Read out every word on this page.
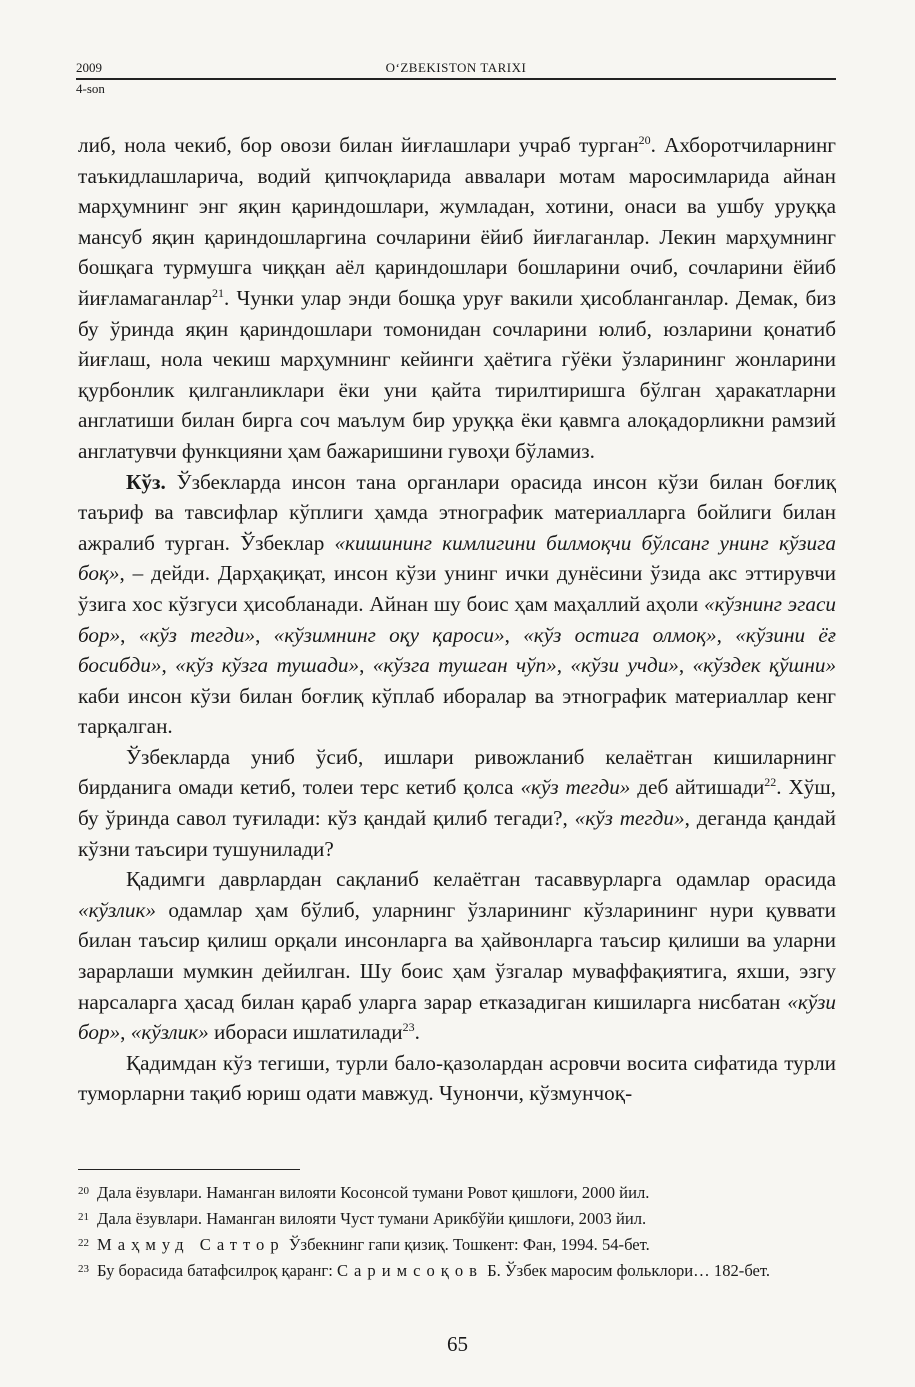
2009	O‘ZBEKISTON TARIXI
4-son

либ, нола чекиб, бор овози билан йиғлашлари учраб турган$^{20}$. Ахборотчиларнинг таъкидлашларича, водий қипчоқларида аввалари мотам маросимларида айнан марҳумнинг энг яқин қариндошлари, жумладан, хотини, онаси ва ушбу уруққа мансуб яқин қариндошларгина сочларини ёйиб йиғлаганлар. Лекин марҳумнинг бошқага турмушга чиққан аёл қариндошлари бошларини очиб, сочларини ёйиб йиғламаганлар$^{21}$. Чунки улар энди бошқа уруғ вакили ҳисобланганлар. Демак, биз бу ўринда яқин қариндошлари томонидан сочларини юлиб, юзларини қонатиб йиғлаш, нола чекиш марҳумнинг кейинги ҳаётига гўёки ўзларининг жонларини қурбонлик қилганликлари ёки уни қайта тирилтиришга бўлган ҳаракатларни англатиши билан бирга соч маълум бир уруққа ёки қавмга алоқадорликни рамзий англатувчи функцияни ҳам бажаришини гувоҳи бўламиз.

Кўз. Ўзбекларда инсон тана органлари орасида инсон кўзи билан боғлиқ таъриф ва тавсифлар кўплиги ҳамда этнографик материалларга бойлиги билан ажралиб турган. Ўзбеклар «кишининг кимлигини билмоқчи бўлсанг унинг кўзига боқ», – дейди. Дарҳақиқат, инсон кўзи унинг ички дунёсини ўзида акс эттирувчи ўзига хос кўзгуси ҳисобланади. Айнан шу боис ҳам маҳаллий аҳоли «кўзнинг эгаси бор», «кўз тегди», «кўзимнинг оқу қароси», «кўз остига олмоқ», «кўзини ёғ босибди», «кўз кўзга тушади», «кўзга тушган чўп», «кўзи учди», «кўздек қўшни» каби инсон кўзи билан боғлиқ кўплаб иборалар ва этнографик материаллар кенг тарқалган.

Ўзбекларда униб ўсиб, ишлари ривожланиб келаётган кишиларнинг бирданига омади кетиб, толеи терс кетиб қолса «кўз тегди» деб айтишади$^{22}$. Хўш, бу ўринда савол туғилади: кўз қандай қилиб тегади?, «кўз тегди», деганда қандай кўзни таъсири тушунилади?

Қадимги даврлардан сақланиб келаётган тасаввурларга одамлар орасида «кўзлик» одамлар ҳам бўлиб, уларнинг ўзларининг кўзларининг нури қуввати билан таъсир қилиш орқали инсонларга ва ҳайвонларга таъсир қилиши ва уларни зарарлаши мумкин дейилган. Шу боис ҳам ўзгалар муваффақиятига, яхши, эзгу нарсаларга ҳасад билан қараб уларга зарар етказадиган кишиларга нисбатан «кўзи бор», «кўзлик» ибораси ишлатилади$^{23}$.

Қадимдан кўз тегиши, турли бало-қазолардан асровчи восита сифатида турли туморларни тақиб юриш одати мавжуд. Чунончи, кўзмунчоқ-

$^{20}$ Дала ёзувлари. Наманган вилояти Косонсой тумани Ровот қишлоғи, 2000 йил.

$^{21}$ Дала ёзувлари. Наманган вилояти Чуст тумани Арикбўйи қишлоғи, 2003 йил.

$^{22}$ Маҳмуд Саттор Ўзбекнинг гапи қизиқ. Тошкент: Фан, 1994. 54-бет.

$^{23}$ Бу борасида батафсилроқ қаранг: Саримсоқов Б. Ўзбек маросим фольклори… 182-бет.

65
